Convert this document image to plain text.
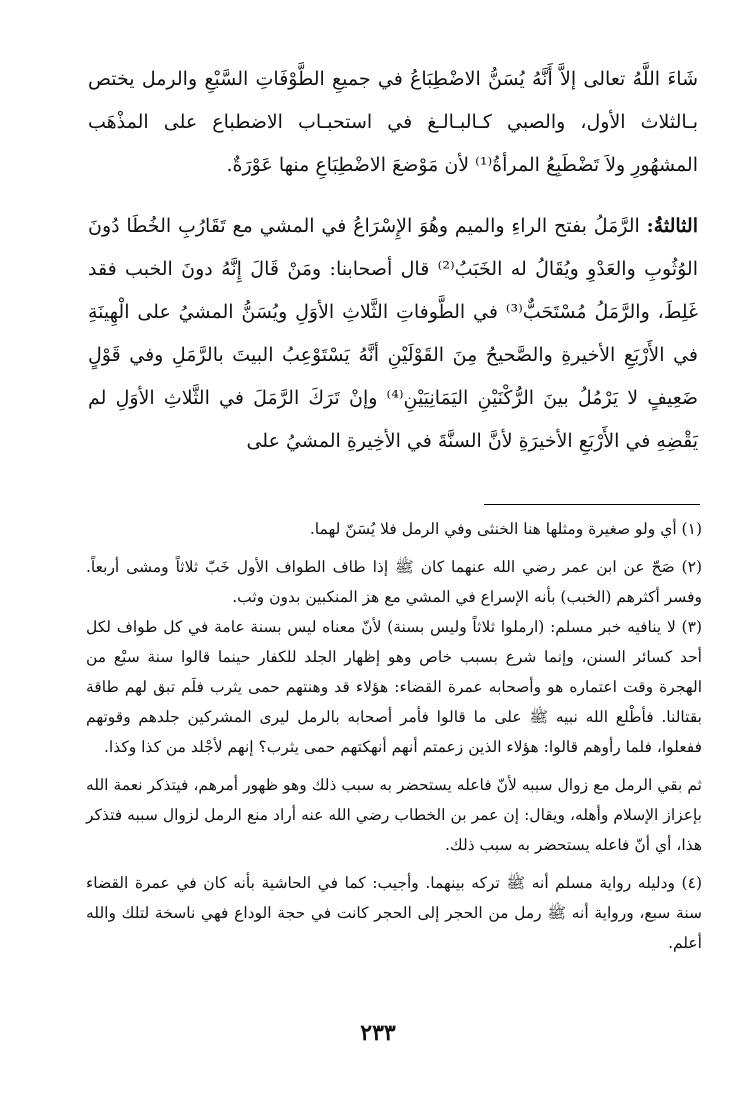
شَاءَ اللَّهُ تعالى إلاَّ أَنَّهُ يُسَنُّ الاضْطِبَاعُ في جميعِ الطَّوْفَاتِ السَّبْعِ والرمل يختص بـالثلاث الأول، والصبي كـالبـالـغ في استحبـاب الاضطباع على المذْهَب المشهُورِ ولاَ تَضْطَبِعُ المرأةُ⁽¹⁾ لأن مَوْضعَ الاضْطِبَاعِ منها عَوْرَةٌ.

الثالثةُ: الرَّمَلُ بفتح الراءِ والميم وهُوَ الإِسْرَاعُ في المشي مع تَقَارُبِ الخُطَا دُونَ الوُثُوبِ والعَدْوِ ويُقَالُ له الخَبَبُ⁽²⁾ قال أصحابنا: ومَنْ قَالَ إِنَّهُ دونَ الخبب فقد غَلِطَ، والرَّمَلُ مُسْتَحَبٌّ⁽³⁾ في الطَّوفاتِ الثَّلاثِ الأوَلِ ويُسَنُّ المشيُ على الْهِينَةِ في الأَرْبَعِ الأخيرةِ والصَّحيحُ مِنَ القَوْلَيْنِ أنَّهُ يَسْتَوْعِبُ البيتَ بالرَّمَلِ وفي قَوْلٍ ضَعِيفٍ لا يَرْمُلُ بينَ الرُّكْنَيْنِ اليَمَانِيَيْنِ⁽⁴⁾ وإنْ تَرَكَ الرَّمَلَ في الثَّلاثِ الأوَلِ لم يَقْضِهِ في الأَرْبَعِ الأخيرَةِ لأنَّ السنَّةَ في الأخِيرةِ المشيُ على

(١) أي ولو صغيرة ومثلها هنا الخنثى وفي الرمل فلا يُسَنّ لهما.

(٢) صَحّ عن ابن عمر رضي الله عنهما كان ﷺ إذا طاف الطواف الأول خَبّ ثلاثاً ومشى أربعاً. وفسر أكثرهم (الخبب) بأنه الإسراع في المشي مع هز المنكبين بدون وثب.

(٣) لا ينافيه خبر مسلم: (ارملوا ثلاثاً وليس بسنة) لأنّ معناه ليس بسنة عامة في كل طواف لكل أحد كسائر السنن، وإنما شرع بسبب خاص وهو إظهار الجلد للكفار حينما قالوا سنة سبْع من الهجرة وقت اعتماره هو وأصحابه عمرة القضاء: هؤلاء قد وهنتهم حمى يثرب فلَم تبق لهم طاقة بقتالنا. فأطْلع الله نبيه ﷺ على ما قالوا فأمر أصحابه بالرمل ليرى المشركين جلدهم وقوتهم ففعلوا، فلما رأوهم قالوا: هؤلاء الذين زعمتم أنهم أنهكتهم حمى يثرب؟ إنهم لأجْلد من كذا وكذا.

ثم بقي الرمل مع زوال سببه لأنّ فاعله يستحضر به سبب ذلك وهو ظهور أمرهم، فيتذكر نعمة الله بإعزاز الإسلام وأهله، ويقال: إن عمر بن الخطاب رضي الله عنه أراد منع الرمل لزوال سببه فتذكر هذا، أي أنّ فاعله يستحضر به سبب ذلك.

(٤) ودليله رواية مسلم أنه ﷺ تركه بينهما. وأجيب: كما في الحاشية بأنه كان في عمرة القضاء سنة سبع، ورواية أنه ﷺ رمل من الحجر إلى الحجر كانت في حجة الوداع فهي ناسخة لتلك والله أعلم.

٢٣٣
